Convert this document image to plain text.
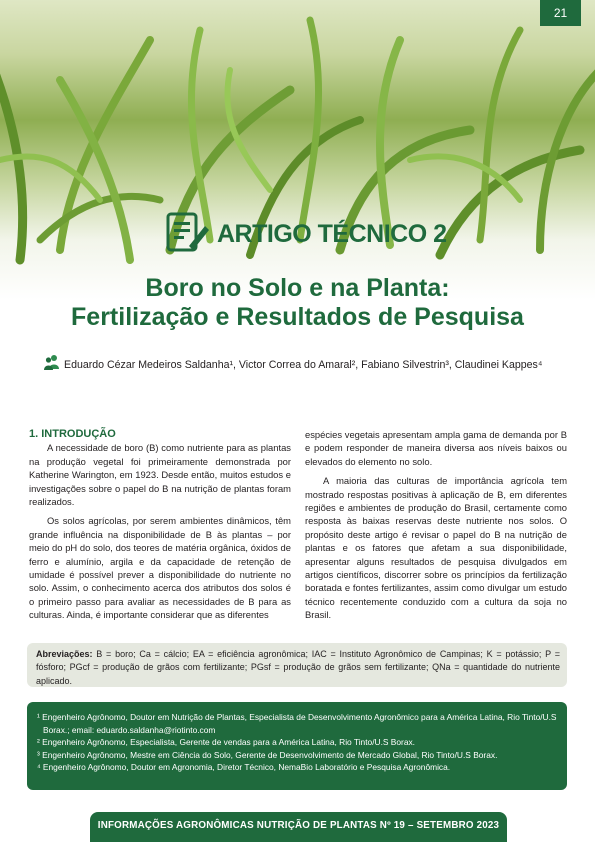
21
ARTIGO TÉCNICO 2
Boro no Solo e na Planta:
Fertilização e Resultados de Pesquisa
Eduardo Cézar Medeiros Saldanha¹, Victor Correa do Amaral², Fabiano Silvestrin³, Claudinei Kappes⁴

1. INTRODUÇÃO

A necessidade de boro (B) como nutriente para as plantas na produção vegetal foi primeiramente demonstrada por Katherine Warington, em 1923. Desde então, muitos estudos e investigações sobre o papel do B na nutrição de plantas foram realizados.

Os solos agrícolas, por serem ambientes dinâmicos, têm grande influência na disponibilidade de B às plantas – por meio do pH do solo, dos teores de matéria orgânica, óxidos de ferro e alumínio, argila e da capacidade de retenção de umidade é possível prever a disponibilidade do nutriente no solo. Assim, o conhecimento acerca dos atributos dos solos é o primeiro passo para avaliar as necessidades de B para as culturas. Ainda, é importante considerar que as diferentes

espécies vegetais apresentam ampla gama de demanda por B e podem responder de maneira diversa aos níveis baixos ou elevados do elemento no solo.

A maioria das culturas de importância agrícola tem mostrado respostas positivas à aplicação de B, em diferentes regiões e ambientes de produção do Brasil, certamente como resposta às baixas reservas deste nutriente nos solos. O propósito deste artigo é revisar o papel do B na nutrição de plantas e os fatores que afetam a sua disponibilidade, apresentar alguns resultados de pesquisa divulgados em artigos científicos, discorrer sobre os princípios da fertilização boratada e fontes fertilizantes, assim como divulgar um estudo técnico recentemente conduzido com a cultura da soja no Brasil.

Abreviações: B = boro; Ca = cálcio; EA = eficiência agronômica; IAC = Instituto Agronômico de Campinas; K = potássio; P = fósforo; PGcf = produção de grãos com fertilizante; PGsf = produção de grãos sem fertilizante; QNa = quantidade do nutriente aplicado.
¹ Engenheiro Agrônomo, Doutor em Nutrição de Plantas, Especialista de Desenvolvimento Agronômico para a América Latina, Rio Tinto/U.S Borax.; email: eduardo.saldanha@riotinto.com
² Engenheiro Agrônomo, Especialista, Gerente de vendas para a América Latina, Rio Tinto/U.S Borax.
³ Engenheiro Agrônomo, Mestre em Ciência do Solo, Gerente de Desenvolvimento de Mercado Global, Rio Tinto/U.S Borax.
⁴ Engenheiro Agrônomo, Doutor em Agronomia, Diretor Técnico, NemaBio Laboratório e Pesquisa Agronômica.
INFORMAÇÕES AGRONÔMICAS NUTRIÇÃO DE PLANTAS Nº 19 – SETEMBRO 2023
